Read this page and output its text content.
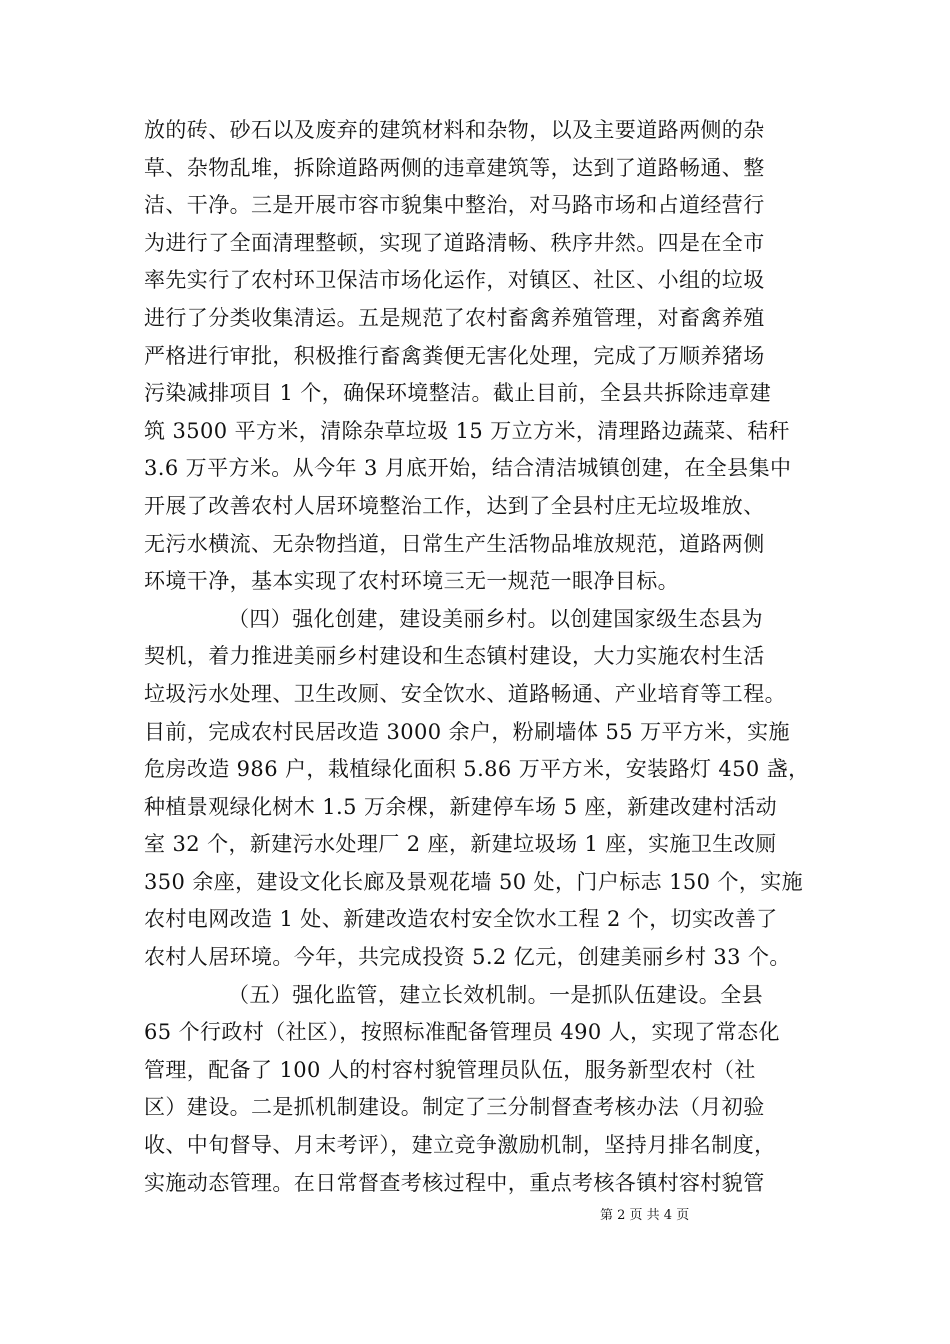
放的砖、砂石以及废弃的建筑材料和杂物，以及主要道路两侧的杂
草、杂物乱堆，拆除道路两侧的违章建筑等，达到了道路畅通、整
洁、干净。三是开展市容市貌集中整治，对马路市场和占道经营行
为进行了全面清理整顿，实现了道路清畅、秩序井然。四是在全市
率先实行了农村环卫保洁市场化运作，对镇区、社区、小组的垃圾
进行了分类收集清运。五是规范了农村畜禽养殖管理，对畜禽养殖
严格进行审批，积极推行畜禽粪便无害化处理，完成了万顺养猪场
污染减排项目 1 个，确保环境整洁。截止目前，全县共拆除违章建
筑 3500 平方米，清除杂草垃圾 15 万立方米，清理路边蔬菜、秸秆
3.6 万平方米。从今年 3 月底开始，结合清洁城镇创建，在全县集中
开展了改善农村人居环境整治工作，达到了全县村庄无垃圾堆放、
无污水横流、无杂物挡道，日常生产生活物品堆放规范，道路两侧
环境干净，基本实现了农村环境三无一规范一眼净目标。
（四）强化创建，建设美丽乡村。以创建国家级生态县为
契机，着力推进美丽乡村建设和生态镇村建设，大力实施农村生活
垃圾污水处理、卫生改厕、安全饮水、道路畅通、产业培育等工程。
目前，完成农村民居改造 3000 余户，粉刷墙体 55 万平方米，实施
危房改造 986 户，栽植绿化面积 5.86 万平方米，安装路灯 450 盏，
种植景观绿化树木 1.5 万余棵，新建停车场 5 座，新建改建村活动
室 32 个，新建污水处理厂 2 座，新建垃圾场 1 座，实施卫生改厕
350 余座，建设文化长廊及景观花墙 50 处，门户标志 150 个，实施
农村电网改造 1 处、新建改造农村安全饮水工程 2 个，切实改善了
农村人居环境。今年，共完成投资 5.2 亿元，创建美丽乡村 33 个。
（五）强化监管，建立长效机制。一是抓队伍建设。全县
65 个行政村（社区），按照标准配备管理员 490 人，实现了常态化
管理，配备了 100 人的村容村貌管理员队伍，服务新型农村（社
区）建设。二是抓机制建设。制定了三分制督查考核办法（月初验
收、中旬督导、月末考评），建立竞争激励机制，坚持月排名制度，
实施动态管理。在日常督查考核过程中，重点考核各镇村容村貌管
第 2 页 共 4 页
